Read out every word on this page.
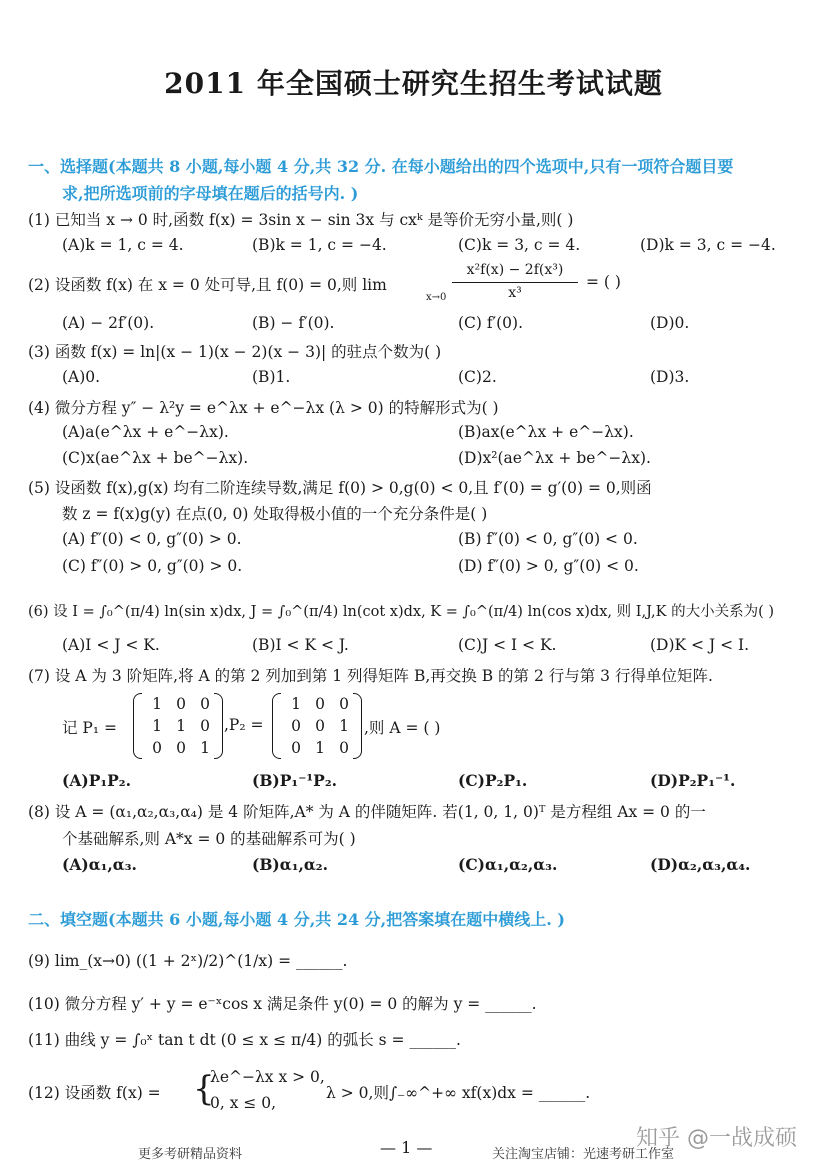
2011 年全国硕士研究生招生考试试题
一、选择题(本题共 8 小题,每小题 4 分,共 32 分. 在每小题给出的四个选项中,只有一项符合题目要
求,把所选项前的字母填在题后的括号内. )
(1) 已知当 x → 0 时,函数 f(x) = 3sin x − sin 3x 与 cxᵏ 是等价无穷小量,则( )
(A)k = 1, c = 4.	(B)k = 1, c = −4.	(C)k = 3, c = 4.	(D)k = 3, c = −4.
(2) 设函数 f(x) 在 x = 0 处可导,且 f(0) = 0,则 lim
x→0
x²f(x) − 2f(x³)
x³
= ( )
(A) − 2f′(0).	(B) − f′(0).	(C) f′(0).	(D)0.
(3) 函数 f(x) = ln|(x − 1)(x − 2)(x − 3)| 的驻点个数为( )
(A)0.	(B)1.	(C)2.	(D)3.
(4) 微分方程 y″ − λ²y = e^λx + e^−λx (λ > 0) 的特解形式为( )
(A)a(e^λx + e^−λx).	(B)ax(e^λx + e^−λx).
(C)x(ae^λx + be^−λx).	(D)x²(ae^λx + be^−λx).
(5) 设函数 f(x),g(x) 均有二阶连续导数,满足 f(0) > 0,g(0) < 0,且 f′(0) = g′(0) = 0,则函
数 z = f(x)g(y) 在点(0, 0) 处取得极小值的一个充分条件是( )
(A) f″(0) < 0, g″(0) > 0.	(B) f″(0) < 0, g″(0) < 0.
(C) f″(0) > 0, g″(0) > 0.	(D) f″(0) > 0, g″(0) < 0.
(6) 设 I = ∫₀^(π/4) ln(sin x)dx, J = ∫₀^(π/4) ln(cot x)dx, K = ∫₀^(π/4) ln(cos x)dx, 则 I,J,K 的大小关系为( )
(A)I < J < K.	(B)I < K < J.	(C)J < I < K.	(D)K < J < I.
(7) 设 A 为 3 阶矩阵,将 A 的第 2 列加到第 1 列得矩阵 B,再交换 B 的第 2 行与第 3 行得单位矩阵.
记 P₁ =
1 0 0
1 1 0
0 0 1
,P₂ =
1 0 0
0 0 1
0 1 0
,则 A = ( )
(A)P₁P₂.	(B)P₁⁻¹P₂.	(C)P₂P₁.	(D)P₂P₁⁻¹.
(8) 设 A = (α₁,α₂,α₃,α₄) 是 4 阶矩阵,A* 为 A 的伴随矩阵. 若(1, 0, 1, 0)ᵀ 是方程组 Ax = 0 的一
个基础解系,则 A*x = 0 的基础解系可为( )
(A)α₁,α₃.	(B)α₁,α₂.	(C)α₁,α₂,α₃.	(D)α₂,α₃,α₄.
二、填空题(本题共 6 小题,每小题 4 分,共 24 分,把答案填在题中横线上. )
(9) lim_(x→0) ((1 + 2ˣ)/2)^(1/x) = ______.
(10) 微分方程 y′ + y = e⁻ˣcos x 满足条件 y(0) = 0 的解为 y = ______.
(11) 曲线 y = ∫₀ˣ tan t dt (0 ≤ x ≤ π/4) 的弧长 s = ______.
(12) 设函数 f(x) = {
λe^−λx x > 0,
0, x ≤ 0,
λ > 0,则∫₋∞^+∞ xf(x)dx = ______.
更多考研精品资料	— 1 —	关注淘宝店铺：光速考研工作室
知乎 @一战成硕
